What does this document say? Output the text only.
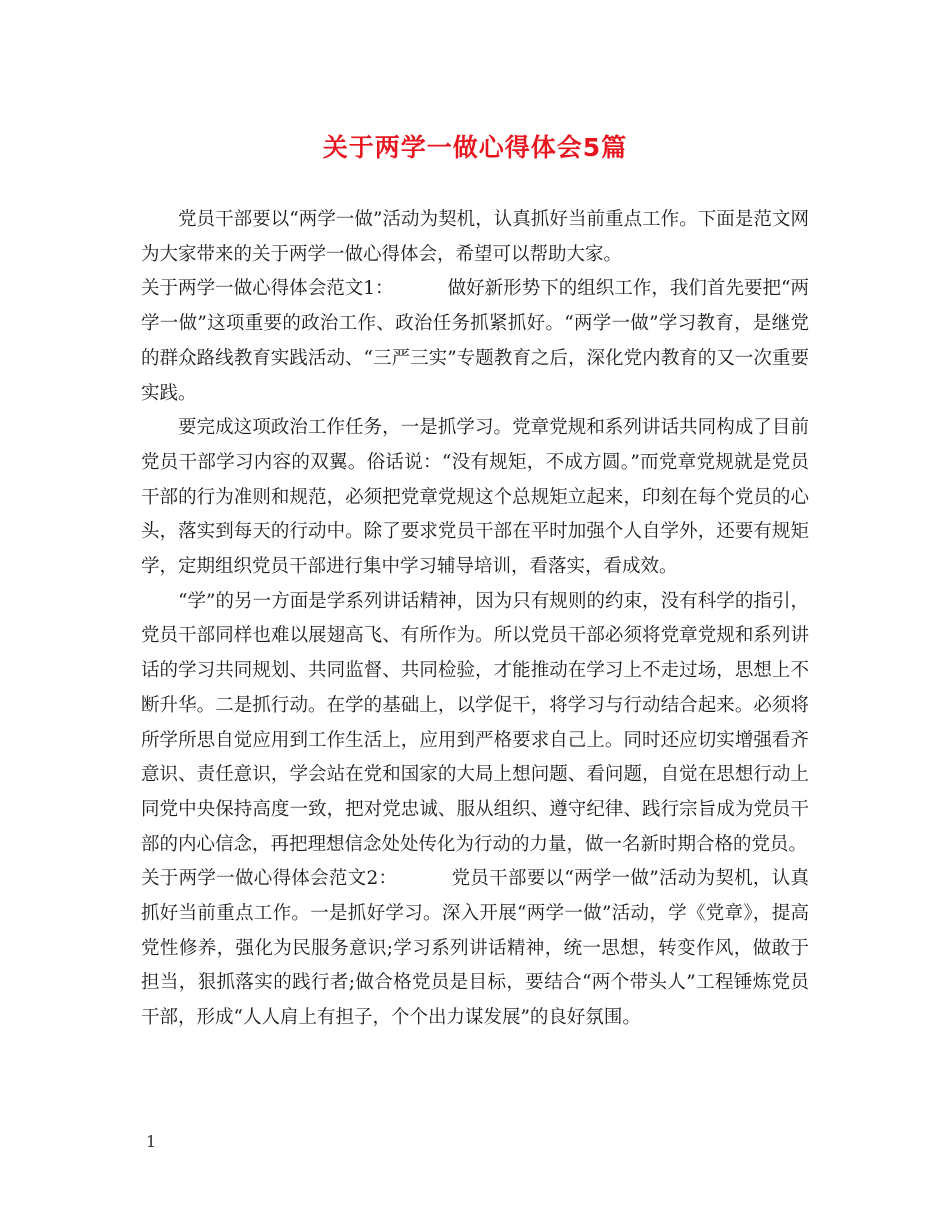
关于两学一做心得体会5篇

党员干部要以“两学一做”活动为契机，认真抓好当前重点工作。下面是范文网为大家带来的关于两学一做心得体会，希望可以帮助大家。

关于两学一做心得体会范文1：	做好新形势下的组织工作，我们首先要把“两学一做”这项重要的政治工作、政治任务抓紧抓好。“两学一做”学习教育，是继党的群众路线教育实践活动、“三严三实”专题教育之后，深化党内教育的又一次重要实践。

要完成这项政治工作任务，一是抓学习。党章党规和系列讲话共同构成了目前党员干部学习内容的双翼。俗话说：“没有规矩，不成方圆。”而党章党规就是党员干部的行为准则和规范，必须把党章党规这个总规矩立起来，印刻在每个党员的心头，落实到每天的行动中。除了要求党员干部在平时加强个人自学外，还要有规矩学，定期组织党员干部进行集中学习辅导培训，看落实，看成效。

“学”的另一方面是学系列讲话精神，因为只有规则的约束，没有科学的指引，党员干部同样也难以展翅高飞、有所作为。所以党员干部必须将党章党规和系列讲话的学习共同规划、共同监督、共同检验，才能推动在学习上不走过场，思想上不断升华。二是抓行动。在学的基础上，以学促干，将学习与行动结合起来。必须将所学所思自觉应用到工作生活上，应用到严格要求自己上。同时还应切实增强看齐意识、责任意识，学会站在党和国家的大局上想问题、看问题，自觉在思想行动上同党中央保持高度一致，把对党忠诚、服从组织、遵守纪律、践行宗旨成为党员干部的内心信念，再把理想信念处处传化为行动的力量，做一名新时期合格的党员。

关于两学一做心得体会范文2：	党员干部要以“两学一做”活动为契机，认真抓好当前重点工作。一是抓好学习。深入开展“两学一做”活动，学《党章》，提高党性修养，强化为民服务意识;学习系列讲话精神，统一思想，转变作风，做敢于担当，狠抓落实的践行者;做合格党员是目标，要结合“两个带头人”工程锤炼党员干部，形成“人人肩上有担子，个个出力谋发展”的良好氛围。

1
